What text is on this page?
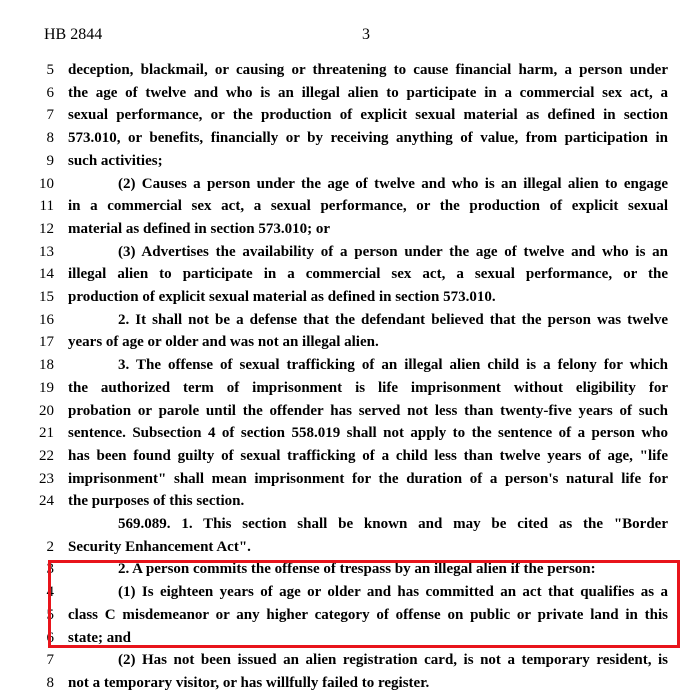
HB 2844	3
5 deception, blackmail, or causing or threatening to cause financial harm, a person under
6 the age of twelve and who is an illegal alien to participate in a commercial sex act, a
7 sexual performance, or the production of explicit sexual material as defined in section
8 573.010, or benefits, financially or by receiving anything of value, from participation in
9 such activities;
10	(2) Causes a person under the age of twelve and who is an illegal alien to engage
11 in a commercial sex act, a sexual performance, or the production of explicit sexual
12 material as defined in section 573.010; or
13	(3) Advertises the availability of a person under the age of twelve and who is an
14 illegal alien to participate in a commercial sex act, a sexual performance, or the
15 production of explicit sexual material as defined in section 573.010.
16	2. It shall not be a defense that the defendant believed that the person was twelve
17 years of age or older and was not an illegal alien.
18	3. The offense of sexual trafficking of an illegal alien child is a felony for which
19 the authorized term of imprisonment is life imprisonment without eligibility for
20 probation or parole until the offender has served not less than twenty-five years of such
21 sentence. Subsection 4 of section 558.019 shall not apply to the sentence of a person who
22 has been found guilty of sexual trafficking of a child less than twelve years of age, "life
23 imprisonment" shall mean imprisonment for the duration of a person's natural life for
24 the purposes of this section.
569.089. 1. This section shall be known and may be cited as the "Border
2 Security Enhancement Act".
3	2. A person commits the offense of trespass by an illegal alien if the person:
4	(1) Is eighteen years of age or older and has committed an act that qualifies as a
5 class C misdemeanor or any higher category of offense on public or private land in this
6 state; and
7	(2) Has not been issued an alien registration card, is not a temporary resident, is
8 not a temporary visitor, or has willfully failed to register.
